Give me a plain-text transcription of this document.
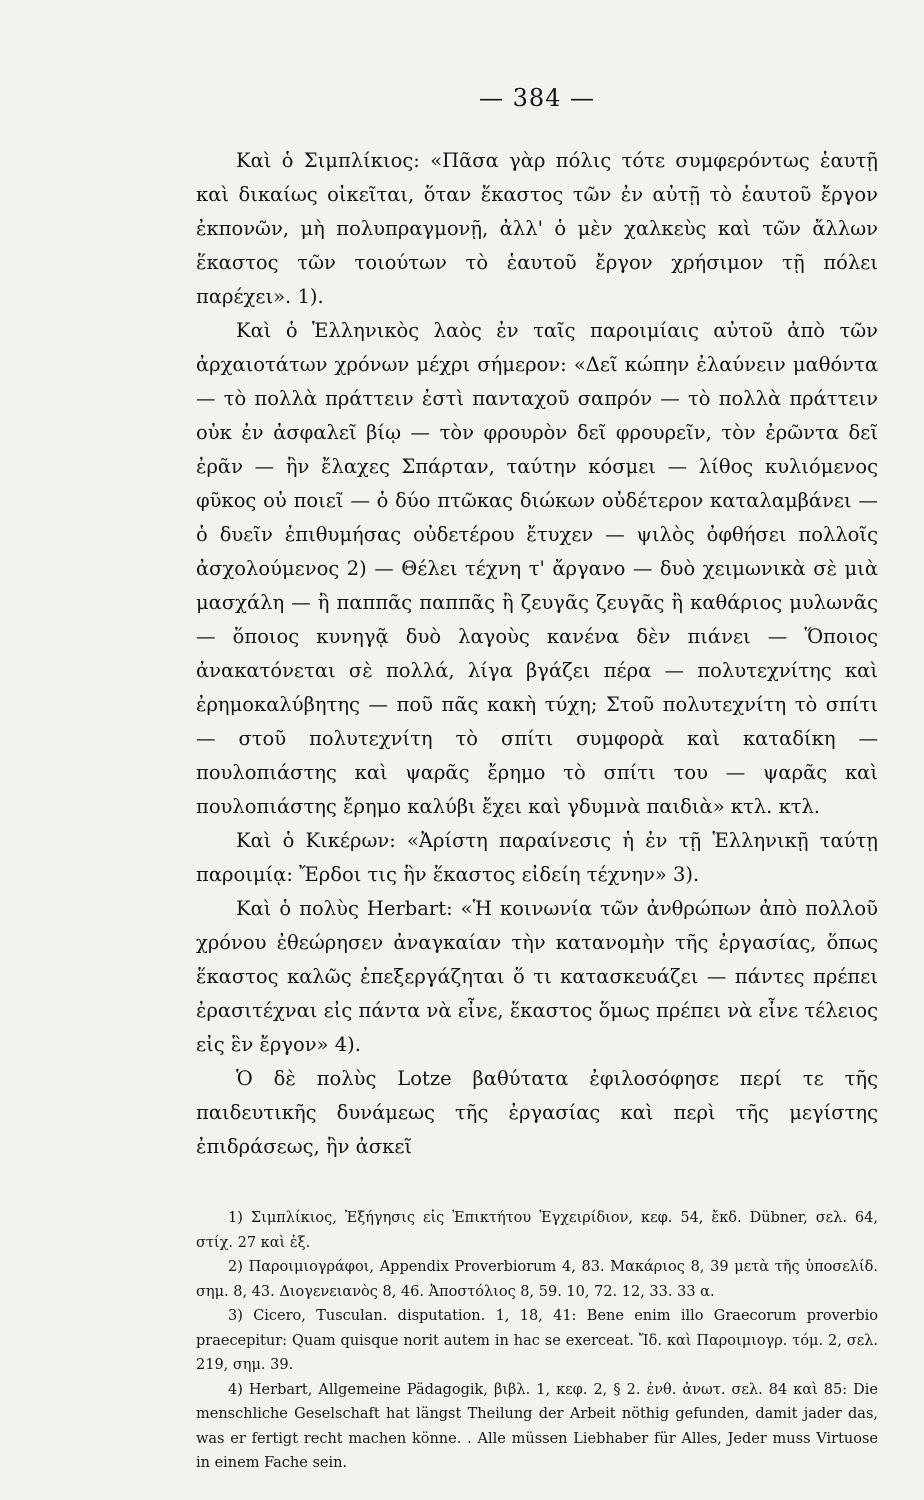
— 384 —

Καὶ ὁ Σιμπλίκιος: «Πᾶσα γὰρ πόλις τότε συμφερόντως ἑαυτῇ καὶ δικαίως οἰκεῖται, ὅταν ἕκαστος τῶν ἐν αὐτῇ τὸ ἑαυτοῦ ἔργον ἐκπονῶν, μὴ πολυπραγμονῇ, ἀλλ' ὁ μὲν χαλκεὺς καὶ τῶν ἄλλων ἕκαστος τῶν τοιούτων τὸ ἑαυτοῦ ἔργον χρήσιμον τῇ πόλει παρέχει». 1).

Καὶ ὁ Ἑλληνικὸς λαὸς ἐν ταῖς παροιμίαις αὐτοῦ ἀπὸ τῶν ἀρχαιοτάτων χρόνων μέχρι σήμερον: «Δεῖ κώπην ἐλαύνειν μαθόντα — τὸ πολλὰ πράττειν ἐστὶ πανταχοῦ σαπρόν — τὸ πολλὰ πράττειν οὐκ ἐν ἀσφαλεῖ βίῳ — τὸν φρουρὸν δεῖ φρουρεῖν, τὸν ἐρῶντα δεῖ ἐρᾶν — ἣν ἔλαχες Σπάρταν, ταύτην κόσμει — λίθος κυλιόμενος φῦκος οὐ ποιεῖ — ὁ δύο πτῶκας διώκων οὐδέτερον καταλαμβάνει — ὁ δυεῖν ἐπιθυμήσας οὐδετέρου ἔτυχεν — ψιλὸς ὀφθήσει πολλοῖς ἀσχολούμενος 2) — Θέλει τέχνη τ' ἄργανο — δυὸ χειμωνικὰ σὲ μιὰ μασχάλη — ἢ παππᾶς παππᾶς ἢ ζευγᾶς ζευγᾶς ἢ καθάριος μυλωνᾶς — ὅποιος κυνηγᾷ δυὸ λαγοὺς κανένα δὲν πιάνει — Ὅποιος ἀνακατόνεται σὲ πολλά, λίγα βγάζει πέρα — πολυτεχνίτης καὶ ἐρημοκαλύβητης — ποῦ πᾶς κακὴ τύχη; Στοῦ πολυτεχνίτη τὸ σπίτι — στοῦ πολυτεχνίτη τὸ σπίτι συμφορὰ καὶ καταδίκη — πουλοπιάστης καὶ ψαρᾶς ἔρημο τὸ σπίτι του — ψαρᾶς καὶ πουλοπιάστης ἔρημο καλύβι ἔχει καὶ γδυμνὰ παιδιὰ» κτλ. κτλ.

Καὶ ὁ Κικέρων: «Ἀρίστη παραίνεσις ἡ ἐν τῇ Ἑλληνικῇ ταύτῃ παροιμίᾳ: Ἔρδοι τις ἣν ἕκαστος εἰδείη τέχνην» 3).

Καὶ ὁ πολὺς Herbart: «Ἡ κοινωνία τῶν ἀνθρώπων ἀπὸ πολλοῦ χρόνου ἐθεώρησεν ἀναγκαίαν τὴν κατανομὴν τῆς ἐργασίας, ὅπως ἕκαστος καλῶς ἐπεξεργάζηται ὅ τι κατασκευάζει — πάντες πρέπει ἐρασιτέχναι εἰς πάντα νὰ εἶνε, ἕκαστος ὅμως πρέπει νὰ εἶνε τέλειος εἰς ἓν ἔργον» 4).

Ὁ δὲ πολὺς Lotze βαθύτατα ἐφιλοσόφησε περί τε τῆς παιδευτικῆς δυνάμεως τῆς ἐργασίας καὶ περὶ τῆς μεγίστης ἐπιδράσεως, ἣν ἀσκεῖ

1) Σιμπλίκιος, Ἐξήγησις εἰς Ἐπικτήτου Ἐγχειρίδιον, κεφ. 54, ἔκδ. Dübner, σελ. 64, στίχ. 27 καὶ ἑξ.

2) Παροιμιογράφοι, Appendix Proverbiorum 4, 83. Μακάριος 8, 39 μετὰ τῆς ὑποσελίδ. σημ. 8, 43. Διογενειανὸς 8, 46. Ἀποστόλιος 8, 59. 10, 72. 12, 33. 33 α.

3) Cicero, Tusculan. disputation. 1, 18, 41: Bene enim illo Graecorum proverbio praecepitur: Quam quisque norit autem in hac se exerceat. Ἴδ. καὶ Παροιμιογρ. τόμ. 2, σελ. 219, σημ. 39.

4) Herbart, Allgemeine Pädagogik, βιβλ. 1, κεφ. 2, § 2. ἐνθ. ἀνωτ. σελ. 84 καὶ 85: Die menschliche Geselschaft hat längst Theilung der Arbeit nöthig gefunden, damit jader das, was er fertigt recht machen könne. . Alle müssen Liebhaber für Alles, Jeder muss Virtuose in einem Fache sein.
